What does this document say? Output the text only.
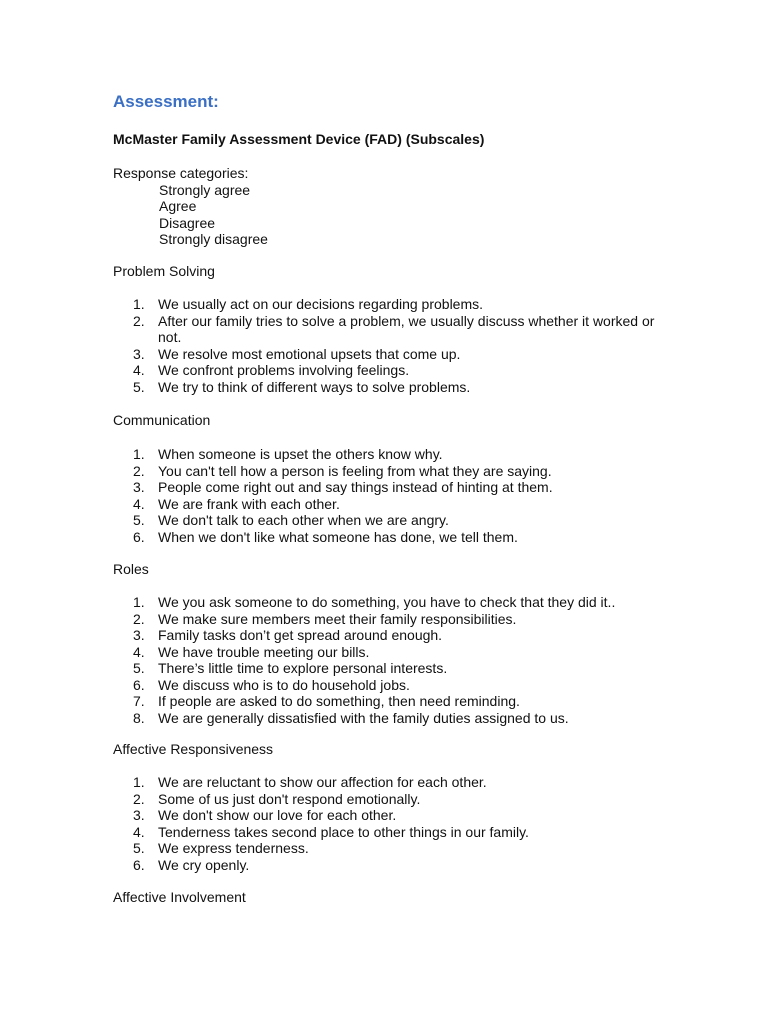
Assessment:
McMaster Family Assessment Device (FAD) (Subscales)
Response categories:
Strongly agree
Agree
Disagree
Strongly disagree
Problem Solving
1. We usually act on our decisions regarding problems.
2. After our family tries to solve a problem, we usually discuss whether it worked or not.
3. We resolve most emotional upsets that come up.
4. We confront problems involving feelings.
5. We try to think of different ways to solve problems.
Communication
1. When someone is upset the others know why.
2. You can't tell how a person is feeling from what they are saying.
3. People come right out and say things instead of hinting at them.
4. We are frank with each other.
5. We don't talk to each other when we are angry.
6. When we don't like what someone has done, we tell them.
Roles
1. We you ask someone to do something, you have to check that they did it..
2. We make sure members meet their family responsibilities.
3. Family tasks don’t get spread around enough.
4. We have trouble meeting our bills.
5. There’s little time to explore personal interests.
6. We discuss who is to do household jobs.
7. If people are asked to do something, then need reminding.
8. We are generally dissatisfied with the family duties assigned to us.
Affective Responsiveness
1. We are reluctant to show our affection for each other.
2. Some of us just don't respond emotionally.
3. We don't show our love for each other.
4. Tenderness takes second place to other things in our family.
5. We express tenderness.
6. We cry openly.
Affective Involvement
